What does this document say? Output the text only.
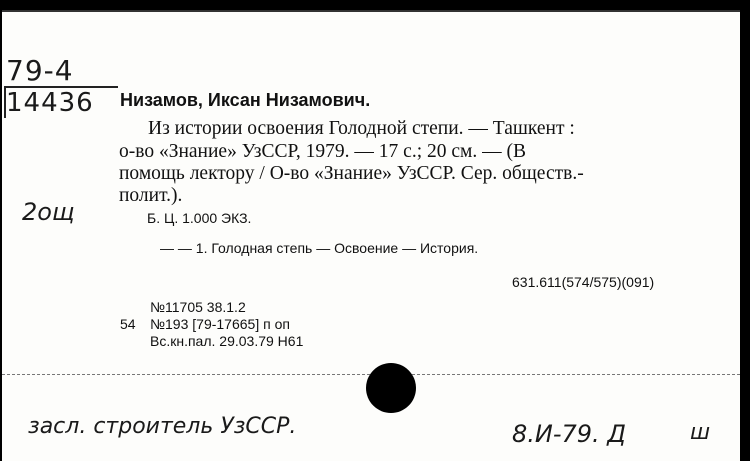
79-4
14436
2ощ
Низамов, Иксан Низамович.
Из истории освоения Голодной степи. — Ташкент :
о-во «Знание» УзССР, 1979. — 17 с.; 20 см. — (В
помощь лектору / О-во «Знание» УзССР. Сер. обществ.-
полит.).
Б. Ц. 1.000 ЭКЗ.
— — 1. Голодная степь — Освоение — История.
631.611(574/575)(091)
№11705 38.1.2
54 №193 [79-17665] п оп
Вс.кн.пал. 29.03.79 Н61
засл. строитель УзССР.	8.И-79. Д	ш
